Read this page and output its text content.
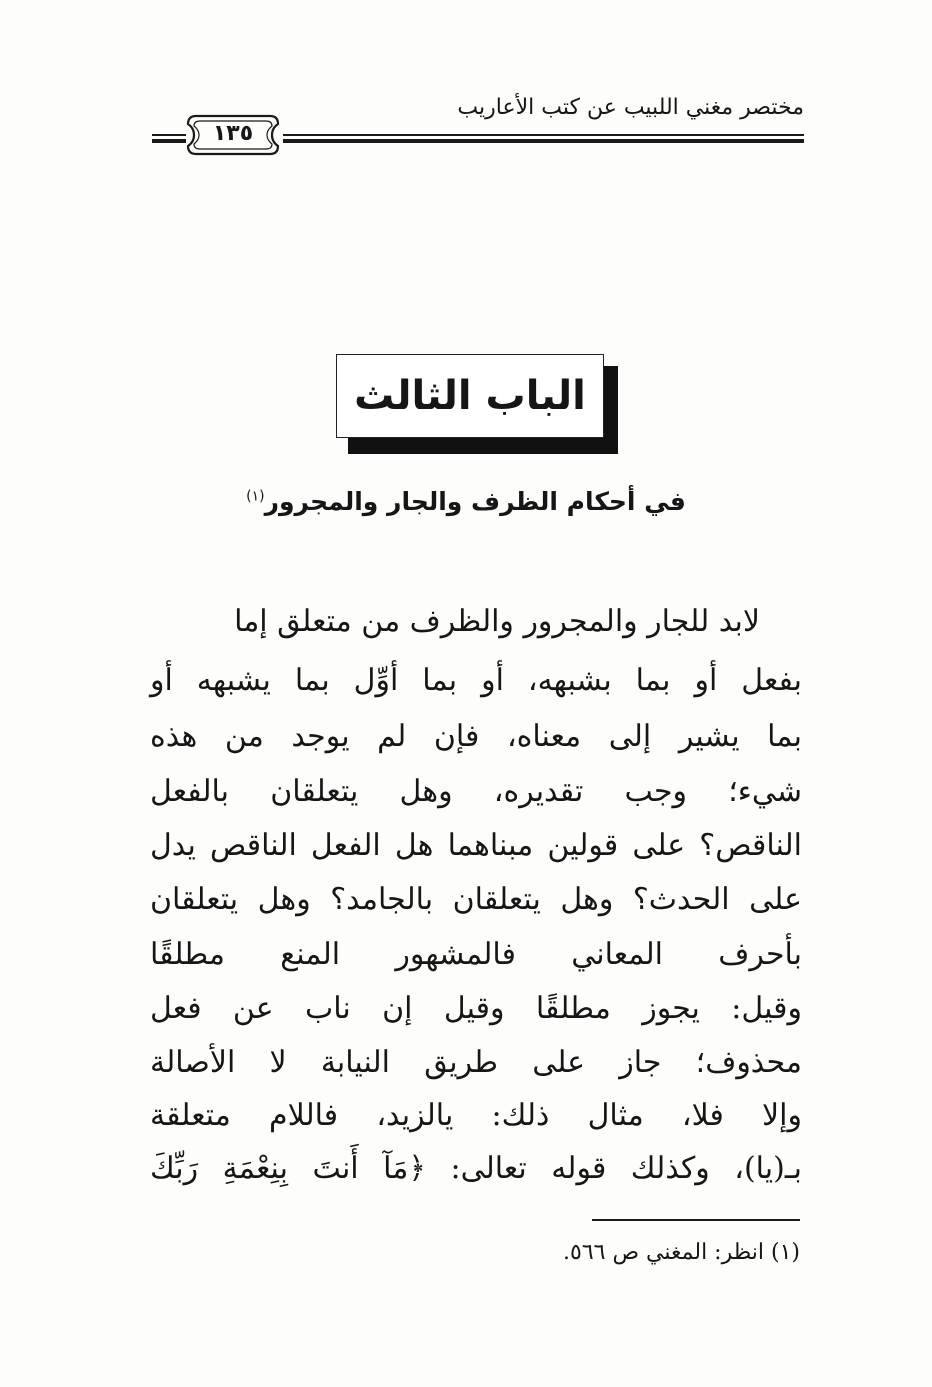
مختصر مغني اللبيب عن كتب الأعاريب
١٣٥
الباب الثالث
في أحكام الظرف والجار والمجرور$^{(١)}$
لابد للجار والمجرور والظرف من متعلق إما
بفعل أو بما بشبهه، أو بما أوِّل بما يشبهه أو
بما يشير إلى معناه، فإن لم يوجد من هذه
شيء؛ وجب تقديره، وهل يتعلقان بالفعل
الناقص؟ على قولين مبناهما هل الفعل الناقص يدل
على الحدث؟ وهل يتعلقان بالجامد؟ وهل يتعلقان
بأحرف المعاني فالمشهور المنع مطلقًا
وقيل: يجوز مطلقًا وقيل إن ناب عن فعل
محذوف؛ جاز على طريق النيابة لا الأصالة
وإلا فلا، مثال ذلك: يالزيد، فاللام متعلقة
بـ(يا)، وكذلك قوله تعالى: ﴿مَآ أَنتَ بِنِعْمَةِ رَبِّكَ
(١) انظر: المغني ص ٥٦٦.
